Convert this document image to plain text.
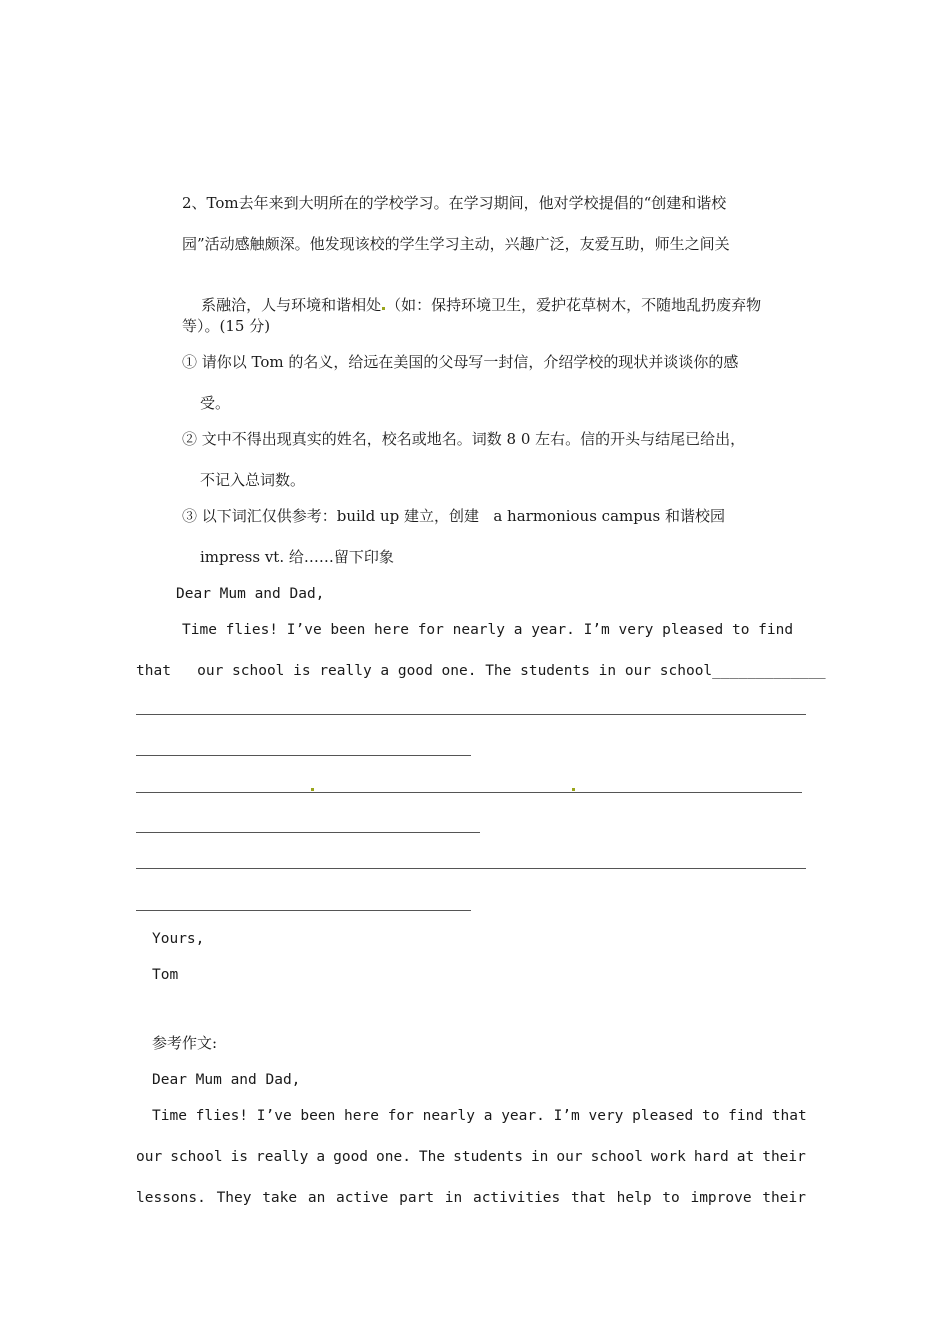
2、Tom去年来到大明所在的学校学习。在学习期间，他对学校提倡的“创建和谐校
园”活动感触颇深。他发现该校的学生学习主动，兴趣广泛，友爱互助，师生之间关

系融洽，人与环境和谐相处 （如：保持环境卫生，爱护花草树木，不随地乱扔废弃物

等）。(15 分)
① 请你以 Tom 的名义，给远在美国的父母写一封信，介绍学校的现状并谈谈你的感
受。
② 文中不得出现真实的姓名，校名或地名。词数 8 0 左右。信的开头与结尾已给出，
不记入总词数。
③ 以下词汇仅供参考：build up 建立，创建   a harmonious campus 和谐校园
impress vt. 给……留下印象
Dear Mum and Dad,
Time flies! I’ve been here for nearly a year. I’m very pleased to find
that   our school is really a good one. The students in our school_____________
Yours,
Tom
参考作文:
Dear Mum and Dad,
Time flies! I’ve been here for nearly a year. I’m very pleased to find that
our school is really a good one. The students in our school work hard at their
lessons. They take an active part in activities that help to improve their
